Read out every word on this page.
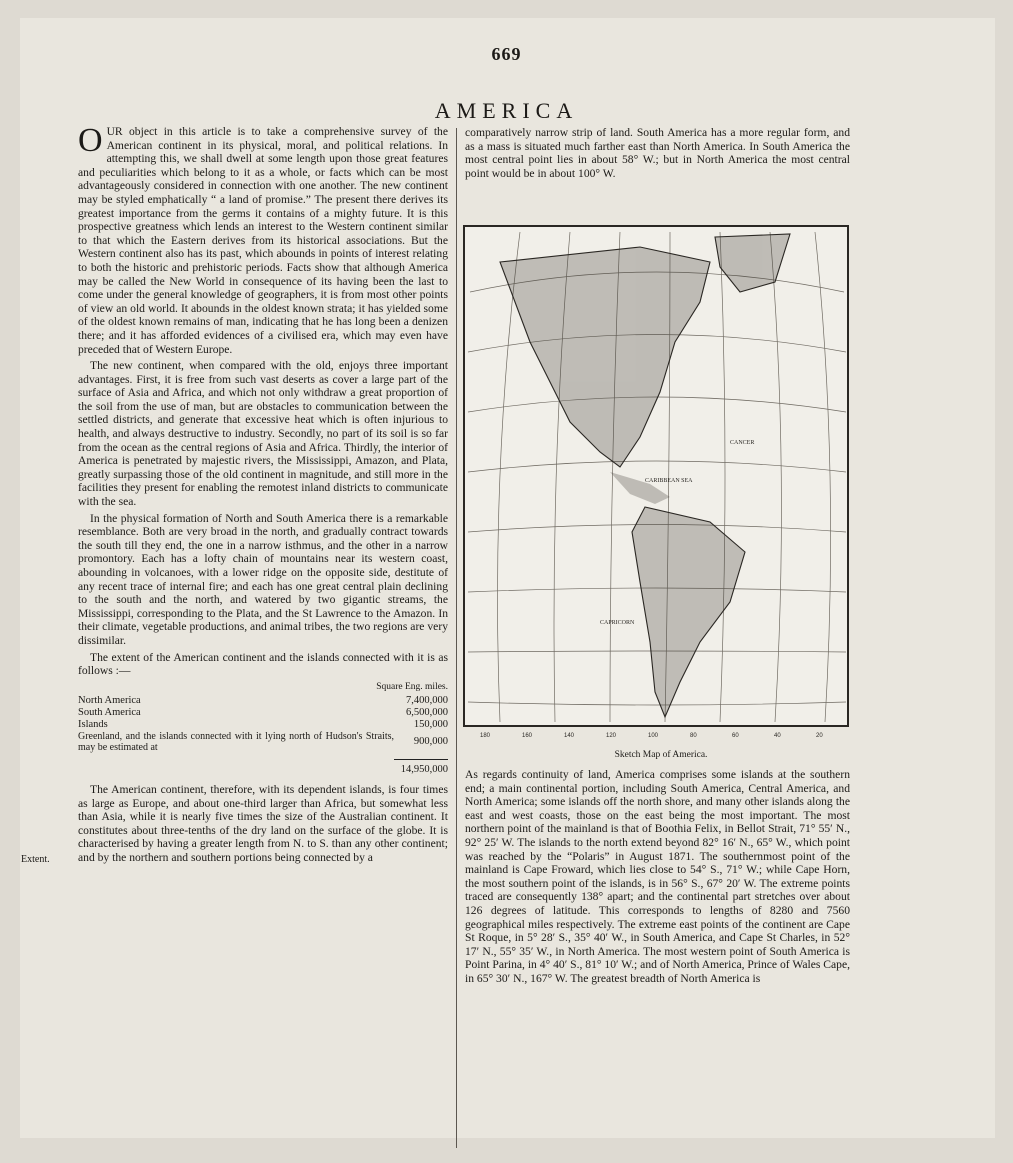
669
AMERICA
Extent.

OUR object in this article is to take a comprehensive survey of the American continent in its physical, moral, and political relations. In attempting this, we shall dwell at some length upon those great features and peculiarities which belong to it as a whole, or facts which can be most advantageously considered in connection with one another. The new continent may be styled emphatically “ a land of promise.” The present there derives its greatest importance from the germs it contains of a mighty future. It is this prospective greatness which lends an interest to the Western continent similar to that which the Eastern derives from its historical associations. But the Western continent also has its past, which abounds in points of interest relating to both the historic and prehistoric periods. Facts show that although America may be called the New World in consequence of its having been the last to come under the general knowledge of geographers, it is from most other points of view an old world. It abounds in the oldest known strata; it has yielded some of the oldest known remains of man, indicating that he has long been a denizen there; and it has afforded evidences of a civilised era, which may even have preceded that of Western Europe.

The new continent, when compared with the old, enjoys three important advantages. First, it is free from such vast deserts as cover a large part of the surface of Asia and Africa, and which not only withdraw a great proportion of the soil from the use of man, but are obstacles to communication between the settled districts, and generate that excessive heat which is often injurious to health, and always destructive to industry. Secondly, no part of its soil is so far from the ocean as the central regions of Asia and Africa. Thirdly, the interior of America is penetrated by majestic rivers, the Mississippi, Amazon, and Plata, greatly surpassing those of the old continent in magnitude, and still more in the facilities they present for enabling the remotest inland districts to communicate with the sea.

In the physical formation of North and South America there is a remarkable resemblance. Both are very broad in the north, and gradually contract towards the south till they end, the one in a narrow isthmus, and the other in a narrow promontory. Each has a lofty chain of mountains near its western coast, abounding in volcanoes, with a lower ridge on the opposite side, destitute of any recent trace of internal fire; and each has one great central plain declining to the south and the north, and watered by two gigantic streams, the Mississippi, corresponding to the Plata, and the St Lawrence to the Amazon. In their climate, vegetable productions, and animal tribes, the two regions are very dissimilar.

The extent of the American continent and the islands connected with it is as follows :—

Square Eng. miles.
North America	7,400,000
South America	6,500,000
Islands	150,000
Greenland, and the islands connected with it lying north of Hudson's Straits, may be estimated at
900,000
14,950,000

The American continent, therefore, with its dependent islands, is four times as large as Europe, and about one-third larger than Africa, but somewhat less than Asia, while it is nearly five times the size of the Australian continent. It constitutes about three-tenths of the dry land on the surface of the globe. It is characterised by having a greater length from N. to S. than any other continent; and by the northern and southern portions being connected by a

comparatively narrow strip of land. South America has a more regular form, and as a mass is situated much farther east than North America. In South America the most central point lies in about 58° W.; but in North America the most central point would be in about 100° W.

CANCER
CARIBBEAN SEA
CAPRICORN
180	160	140	120	100	80	60	40	20
Sketch Map of America.

As regards continuity of land, America comprises some islands at the southern end; a main continental portion, including South America, Central America, and North America; some islands off the north shore, and many other islands along the east and west coasts, those on the east being the most important. The most northern point of the mainland is that of Boothia Felix, in Bellot Strait, 71° 55′ N., 92° 25′ W. The islands to the north extend beyond 82° 16′ N., 65° W., which point was reached by the “Polaris” in August 1871. The southernmost point of the mainland is Cape Froward, which lies close to 54° S., 71° W.; while Cape Horn, the most southern point of the islands, is in 56° S., 67° 20′ W. The extreme points traced are consequently 138° apart; and the continental part stretches over about 126 degrees of latitude. This corresponds to lengths of 8280 and 7560 geographical miles respectively. The extreme east points of the continent are Cape St Roque, in 5° 28′ S., 35° 40′ W., in South America, and Cape St Charles, in 52° 17′ N., 55° 35′ W., in North America. The most western point of South America is Point Parina, in 4° 40′ S., 81° 10′ W.; and of North America, Prince of Wales Cape, in 65° 30′ N., 167° W. The greatest breadth of North America is
